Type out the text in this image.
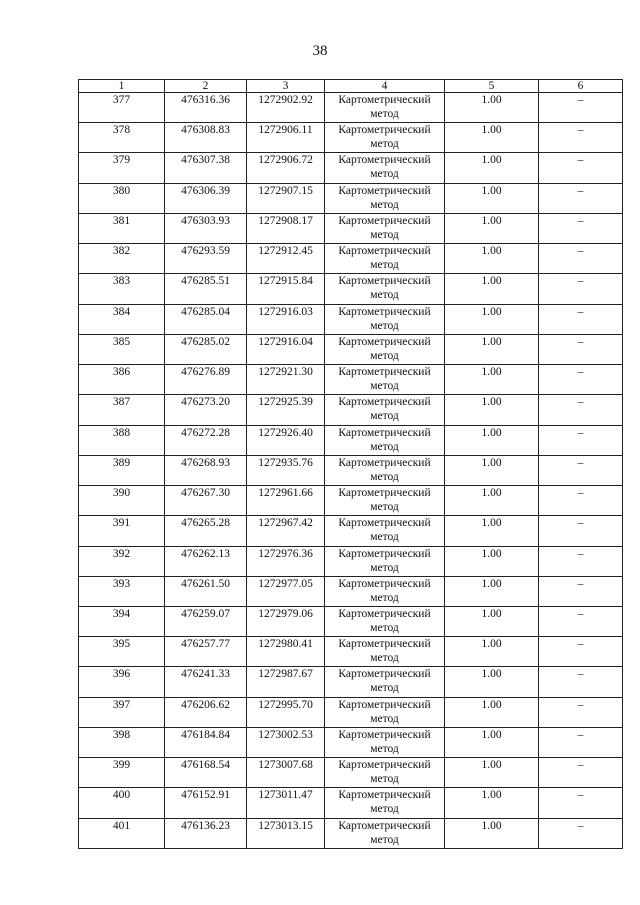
38
1	2	3	4	5	6
377	476316.36	1272902.92	Картометрический метод	1.00	–
378	476308.83	1272906.11	Картометрический метод	1.00	–
379	476307.38	1272906.72	Картометрический метод	1.00	–
380	476306.39	1272907.15	Картометрический метод	1.00	–
381	476303.93	1272908.17	Картометрический метод	1.00	–
382	476293.59	1272912.45	Картометрический метод	1.00	–
383	476285.51	1272915.84	Картометрический метод	1.00	–
384	476285.04	1272916.03	Картометрический метод	1.00	–
385	476285.02	1272916.04	Картометрический метод	1.00	–
386	476276.89	1272921.30	Картометрический метод	1.00	–
387	476273.20	1272925.39	Картометрический метод	1.00	–
388	476272.28	1272926.40	Картометрический метод	1.00	–
389	476268.93	1272935.76	Картометрический метод	1.00	–
390	476267.30	1272961.66	Картометрический метод	1.00	–
391	476265.28	1272967.42	Картометрический метод	1.00	–
392	476262.13	1272976.36	Картометрический метод	1.00	–
393	476261.50	1272977.05	Картометрический метод	1.00	–
394	476259.07	1272979.06	Картометрический метод	1.00	–
395	476257.77	1272980.41	Картометрический метод	1.00	–
396	476241.33	1272987.67	Картометрический метод	1.00	–
397	476206.62	1272995.70	Картометрический метод	1.00	–
398	476184.84	1273002.53	Картометрический метод	1.00	–
399	476168.54	1273007.68	Картометрический метод	1.00	–
400	476152.91	1273011.47	Картометрический метод	1.00	–
401	476136.23	1273013.15	Картометрический метод	1.00	–
